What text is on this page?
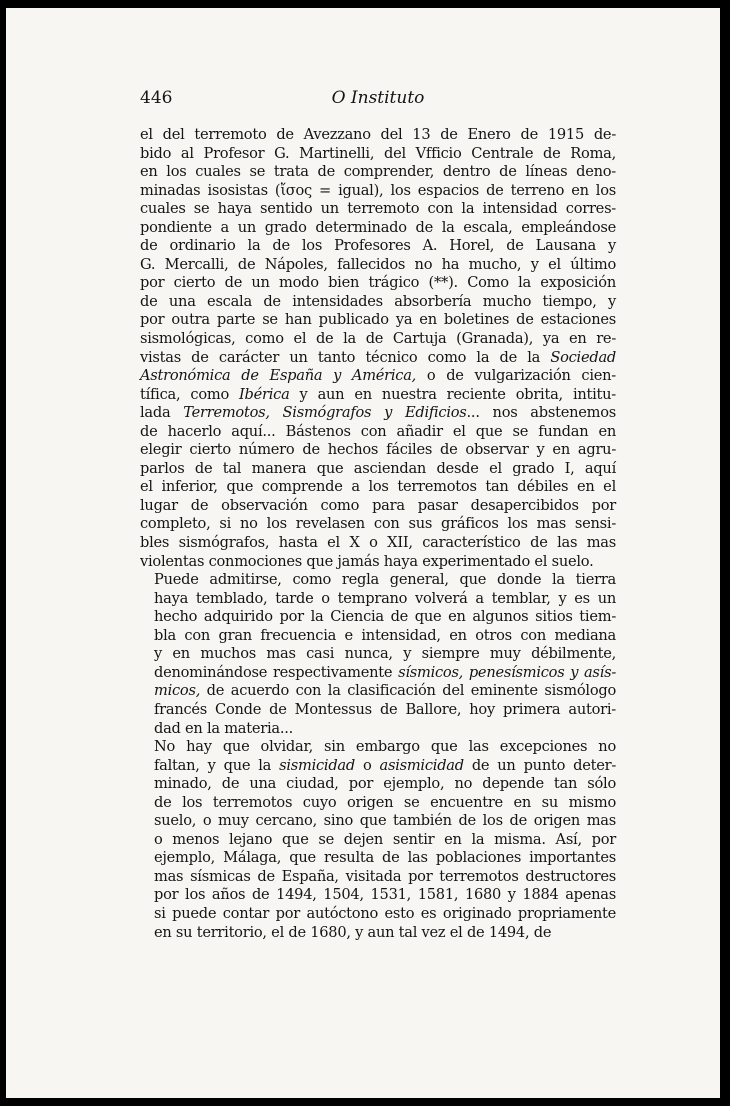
446	O Instituto

el del terremoto de Avezzano del 13 de Enero de 1915 de-
bido al Profesor G. Martinelli, del Vfficio Centrale de Roma,
en los cuales se trata de comprender, dentro de líneas deno-
minadas isosistas (ἴσος = igual), los espacios de terreno en los
cuales se haya sentido un terremoto con la intensidad corres-
pondiente a un grado determinado de la escala, empleándose
de ordinario la de los Profesores A. Horel, de Lausana y
G. Mercalli, de Nápoles, fallecidos no ha mucho, y el último
por cierto de un modo bien trágico (**). Como la exposición
de una escala de intensidades absorbería mucho tiempo, y
por outra parte se han publicado ya en boletines de estaciones
sismológicas, como el de la de Cartuja (Granada), ya en re-
vistas de carácter un tanto técnico como la de la Sociedad
Astronómica de España y América, o de vulgarización cien-
tífica, como Ibérica y aun en nuestra reciente obrita, intitu-
lada Terremotos, Sismógrafos y Edificios... nos abstenemos
de hacerlo aquí... Bástenos con añadir el que se fundan en
elegir cierto número de hechos fáciles de observar y en agru-
parlos de tal manera que asciendan desde el grado I, aquí
el inferior, que comprende a los terremotos tan débiles en el
lugar de observación como para pasar desapercibidos por
completo, si no los revelasen con sus gráficos los mas sensi-
bles sismógrafos, hasta el X o XII, característico de las mas
violentas conmociones que jamás haya experimentado el suelo.

Puede admitirse, como regla general, que donde la tierra
haya temblado, tarde o temprano volverá a temblar, y es un
hecho adquirido por la Ciencia de que en algunos sitios tiem-
bla con gran frecuencia e intensidad, en otros con mediana
y en muchos mas casi nunca, y siempre muy débilmente,
denominándose respectivamente sísmicos, penesísmicos y asís-
micos, de acuerdo con la clasificación del eminente sismólogo
francés Conde de Montessus de Ballore, hoy primera autori-
dad en la materia...

No hay que olvidar, sin embargo que las excepciones no
faltan, y que la sismicidad o asismicidad de un punto deter-
minado, de una ciudad, por ejemplo, no depende tan sólo
de los terremotos cuyo origen se encuentre en su mismo
suelo, o muy cercano, sino que también de los de origen mas
o menos lejano que se dejen sentir en la misma. Así, por
ejemplo, Málaga, que resulta de las poblaciones importantes
mas sísmicas de España, visitada por terremotos destructores
por los años de 1494, 1504, 1531, 1581, 1680 y 1884 apenas
si puede contar por autóctono esto es originado propriamente
en su territorio, el de 1680, y aun tal vez el de 1494, de
